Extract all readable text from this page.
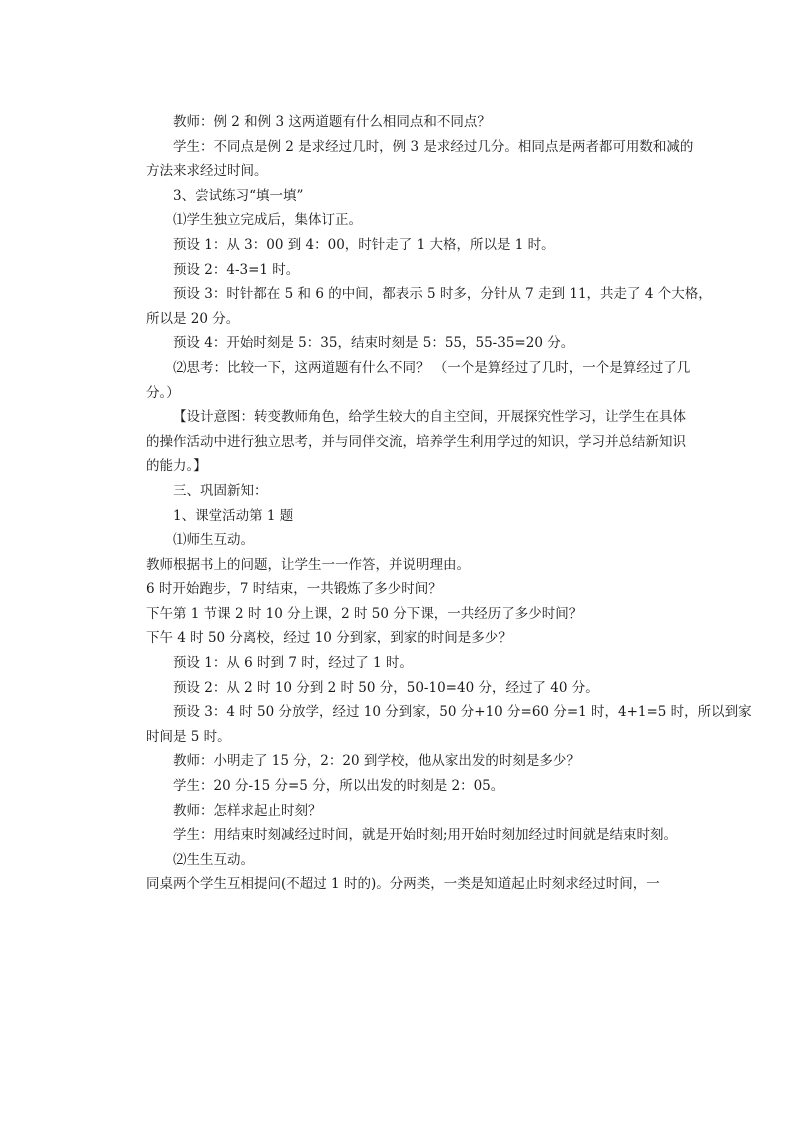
教师：例 2 和例 3 这两道题有什么相同点和不同点？

学生：不同点是例 2 是求经过几时，例 3 是求经过几分。相同点是两者都可用数和减的

方法来求经过时间。

3、尝试练习“填一填”

⑴学生独立完成后，集体订正。

预设 1：从 3：00 到 4：00，时针走了 1 大格，所以是 1 时。

预设 2：4-3=1 时。

预设 3：时针都在 5 和 6 的中间，都表示 5 时多，分针从 7 走到 11，共走了 4 个大格，

所以是 20 分。

预设 4：开始时刻是 5：35，结束时刻是 5：55，55-35=20 分。

⑵思考：比较一下，这两道题有什么不同？ （一个是算经过了几时，一个是算经过了几

分。）

【设计意图：转变教师角色，给学生较大的自主空间，开展探究性学习，让学生在具体

的操作活动中进行独立思考，并与同伴交流，培养学生利用学过的知识，学习并总结新知识

的能力。】

三、巩固新知：

1、课堂活动第 1 题

⑴师生互动。

教师根据书上的问题，让学生一一作答，并说明理由。

6 时开始跑步，7 时结束，一共锻炼了多少时间？

下午第 1 节课 2 时 10 分上课，2 时 50 分下课，一共经历了多少时间？

下午 4 时 50 分离校，经过 10 分到家，到家的时间是多少？

预设 1：从 6 时到 7 时，经过了 1 时。

预设 2：从 2 时 10 分到 2 时 50 分，50-10=40 分，经过了 40 分。

预设 3：4 时 50 分放学，经过 10 分到家，50 分+10 分=60 分=1 时，4+1=5 时，所以到家

时间是 5 时。

教师：小明走了 15 分，2：20 到学校，他从家出发的时刻是多少？

学生：20 分-15 分=5 分，所以出发的时刻是 2：05。

教师：怎样求起止时刻？

学生：用结束时刻减经过时间，就是开始时刻;用开始时刻加经过时间就是结束时刻。

⑵生生互动。

同桌两个学生互相提问(不超过 1 时的)。分两类，一类是知道起止时刻求经过时间，一
